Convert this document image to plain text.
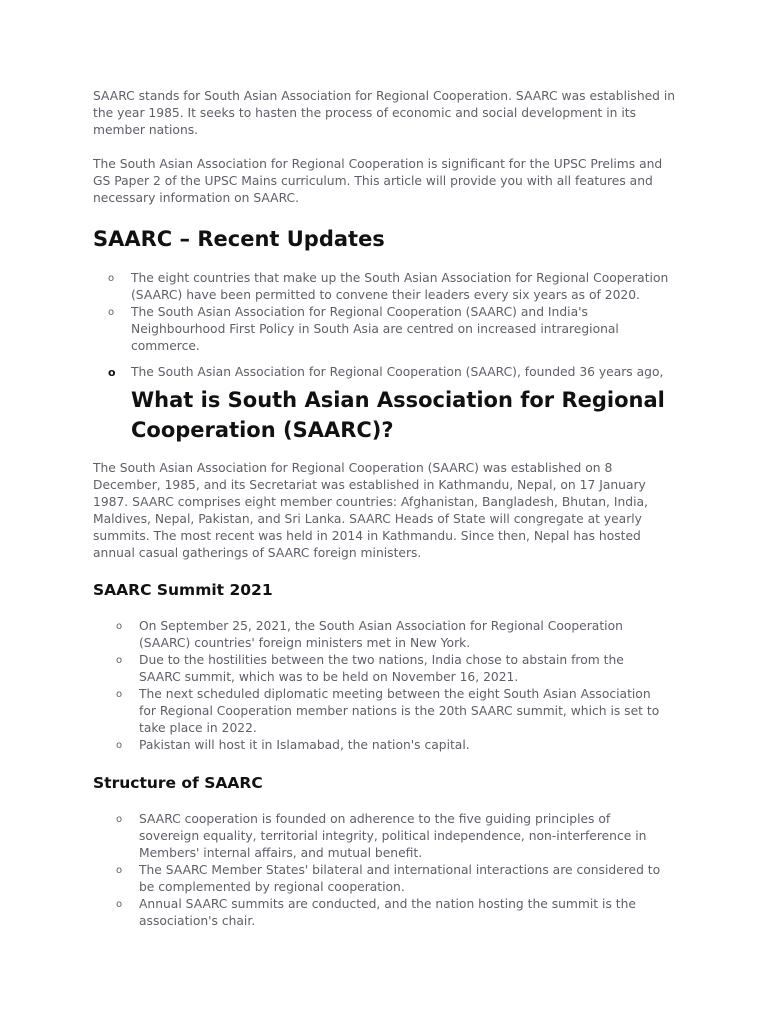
SAARC stands for South Asian Association for Regional Cooperation. SAARC was established in the year 1985. It seeks to hasten the process of economic and social development in its member nations.

The South Asian Association for Regional Cooperation is significant for the UPSC Prelims and GS Paper 2 of the UPSC Mains curriculum. This article will provide you with all features and necessary information on SAARC.

SAARC – Recent Updates
o The eight countries that make up the South Asian Association for Regional Cooperation (SAARC) have been permitted to convene their leaders every six years as of 2020.
o The South Asian Association for Regional Cooperation (SAARC) and India's Neighbourhood First Policy in South Asia are centred on increased intraregional commerce.
o The South Asian Association for Regional Cooperation (SAARC), founded 36 years ago,
What is South Asian Association for Regional Cooperation (SAARC)?

The South Asian Association for Regional Cooperation (SAARC) was established on 8 December, 1985, and its Secretariat was established in Kathmandu, Nepal, on 17 January 1987. SAARC comprises eight member countries: Afghanistan, Bangladesh, Bhutan, India, Maldives, Nepal, Pakistan, and Sri Lanka. SAARC Heads of State will congregate at yearly summits. The most recent was held in 2014 in Kathmandu. Since then, Nepal has hosted annual casual gatherings of SAARC foreign ministers.

SAARC Summit 2021
o On September 25, 2021, the South Asian Association for Regional Cooperation (SAARC) countries' foreign ministers met in New York.
o Due to the hostilities between the two nations, India chose to abstain from the SAARC summit, which was to be held on November 16, 2021.
o The next scheduled diplomatic meeting between the eight South Asian Association for Regional Cooperation member nations is the 20th SAARC summit, which is set to take place in 2022.
o Pakistan will host it in Islamabad, the nation's capital.
Structure of SAARC
o SAARC cooperation is founded on adherence to the five guiding principles of sovereign equality, territorial integrity, political independence, non-interference in Members' internal affairs, and mutual benefit.
o The SAARC Member States' bilateral and international interactions are considered to be complemented by regional cooperation.
o Annual SAARC summits are conducted, and the nation hosting the summit is the association's chair.
